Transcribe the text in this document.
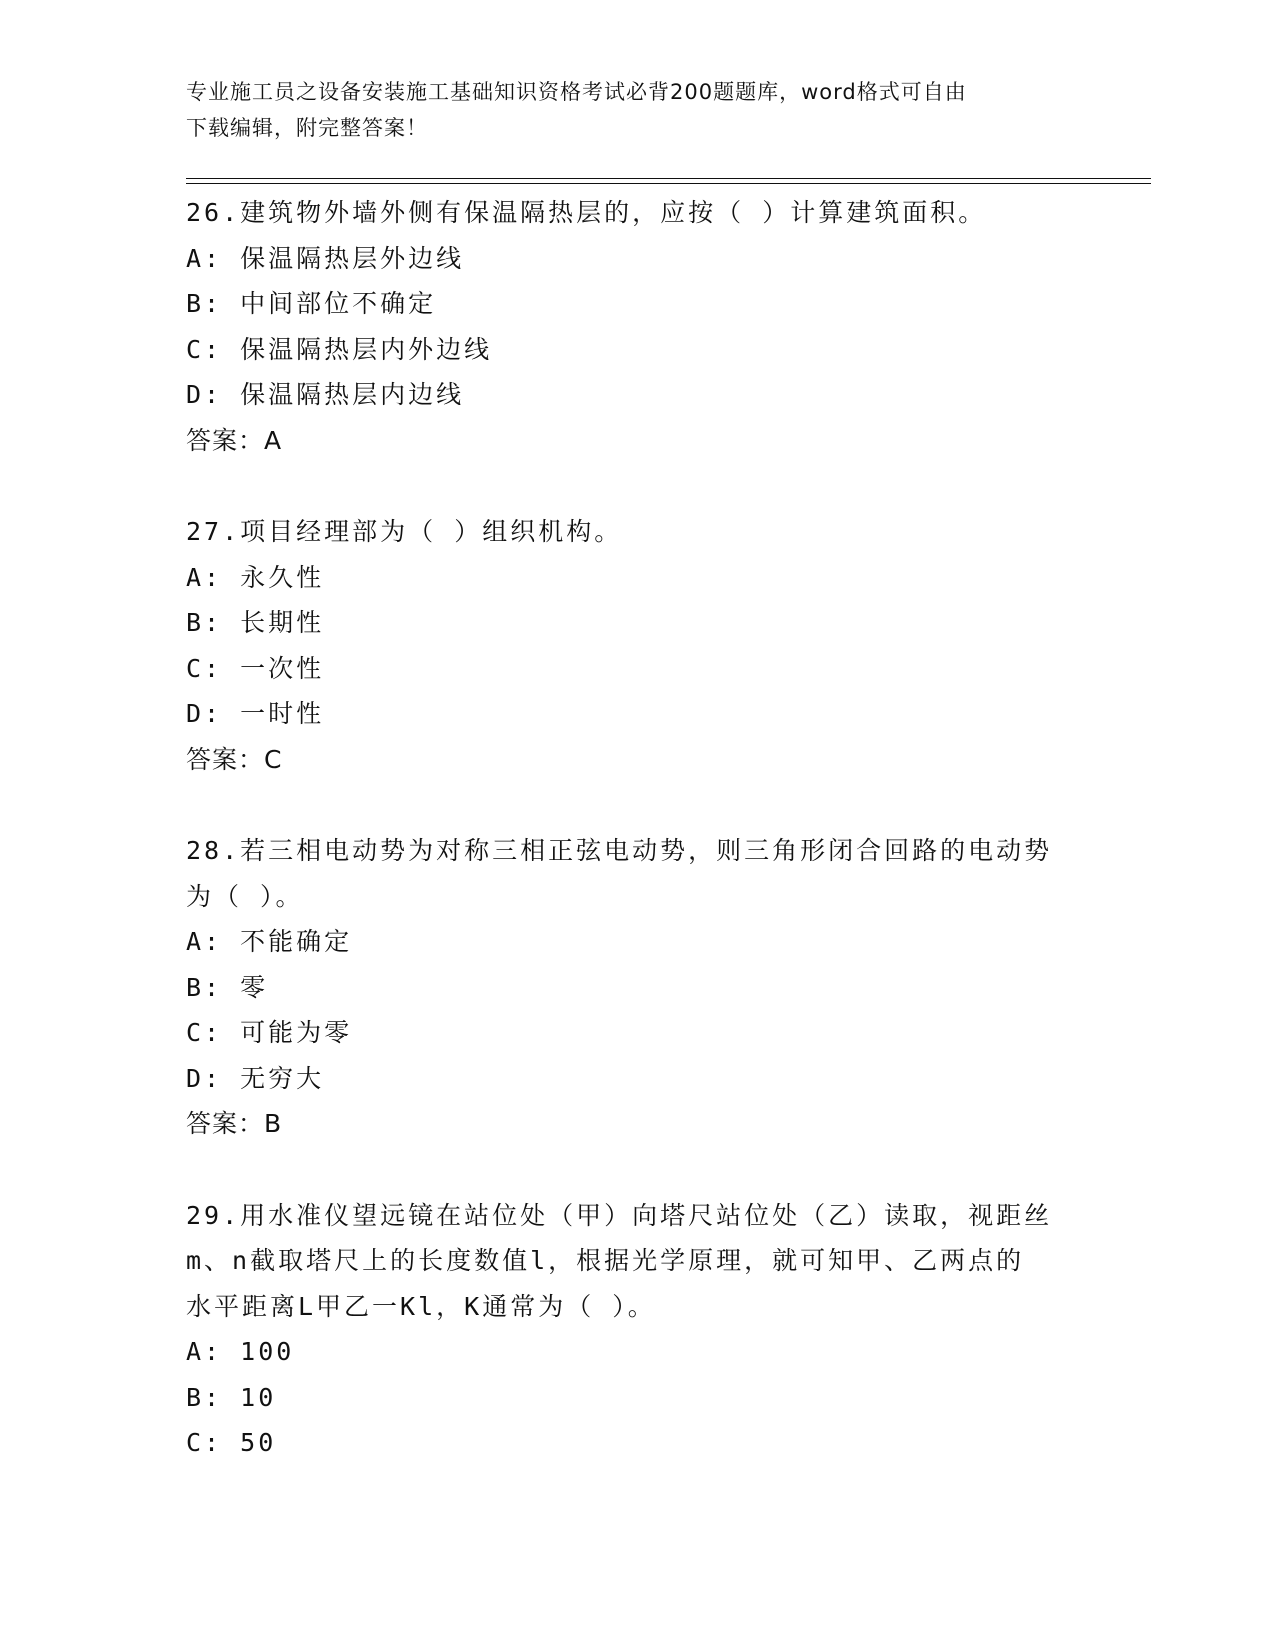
专业施工员之设备安装施工基础知识资格考试必背200题题库，word格式可自由
下载编辑，附完整答案！
26.建筑物外墙外侧有保温隔热层的，应按（ ）计算建筑面积。
A: 保温隔热层外边线
B: 中间部位不确定
C: 保温隔热层内外边线
D: 保温隔热层内边线
答案：A
27.项目经理部为（ ）组织机构。
A: 永久性
B: 长期性
C: 一次性
D: 一时性
答案：C
28.若三相电动势为对称三相正弦电动势，则三角形闭合回路的电动势
为（ ）。
A: 不能确定
B: 零
C: 可能为零
D: 无穷大
答案：B
29.用水准仪望远镜在站位处（甲）向塔尺站位处（乙）读取，视距丝
m、n截取塔尺上的长度数值l，根据光学原理，就可知甲、乙两点的
水平距离L甲乙一Kl，K通常为（ ）。
A: 100
B: 10
C: 50
